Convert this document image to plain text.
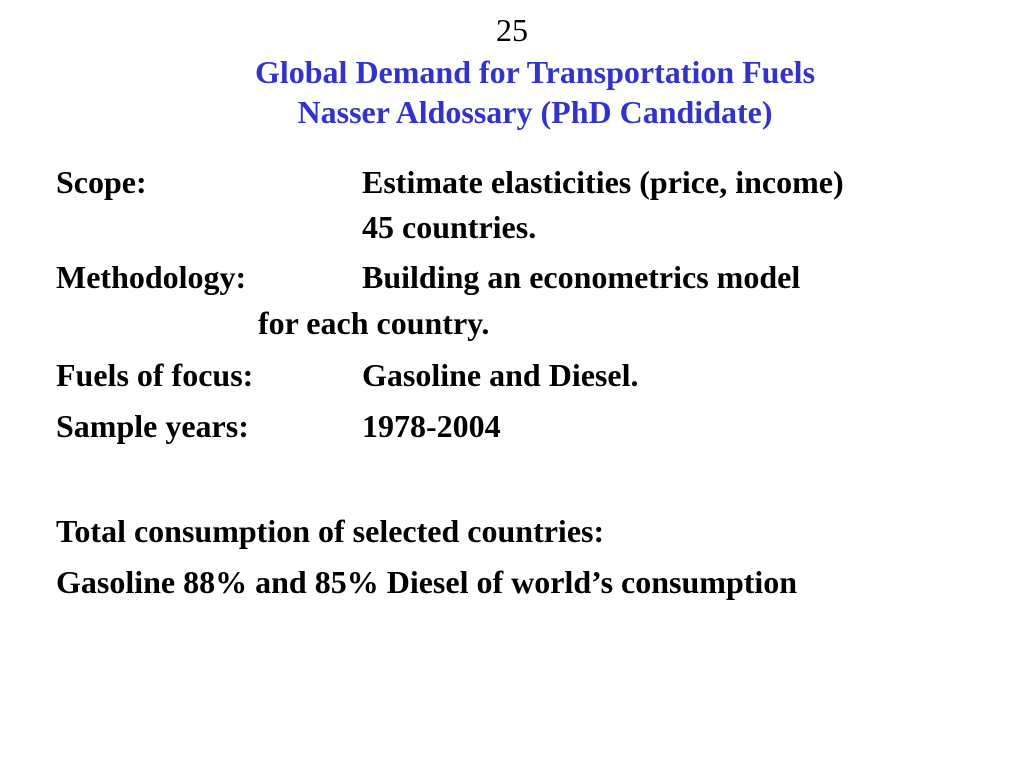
25
Global Demand for Transportation Fuels
Nasser Aldossary (PhD Candidate)
Scope:	Estimate elasticities (price, income)
45 countries.
Methodology:	Building an econometrics model
for each country.
Fuels of focus:	Gasoline and Diesel.
Sample years:	1978-2004
Total consumption of selected countries:
Gasoline 88% and 85% Diesel of world’s consumption
